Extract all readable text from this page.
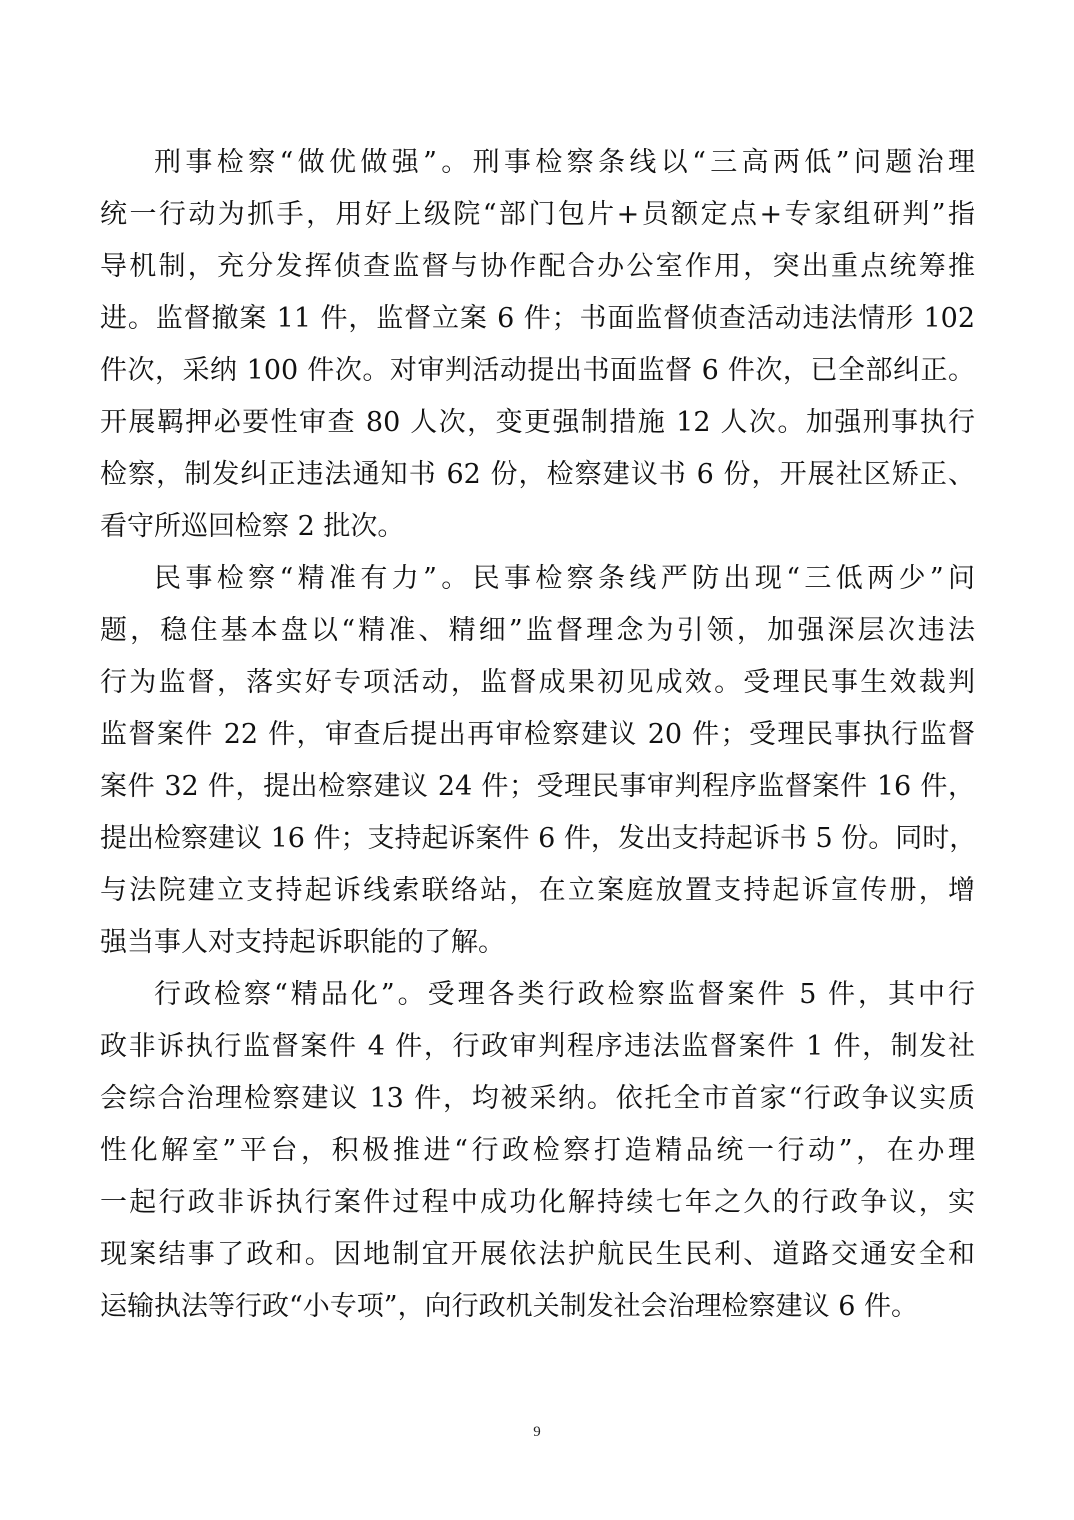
刑事检察“做优做强”。刑事检察条线以“三高两低”问题治理
统一行动为抓手，用好上级院“部门包片+员额定点+专家组研判”指
导机制，充分发挥侦查监督与协作配合办公室作用，突出重点统筹推
进。监督撤案 11 件，监督立案 6 件；书面监督侦查活动违法情形 102
件次，采纳 100 件次。对审判活动提出书面监督 6 件次，已全部纠正。
开展羁押必要性审查 80 人次，变更强制措施 12 人次。加强刑事执行
检察，制发纠正违法通知书 62 份，检察建议书 6 份，开展社区矫正、
看守所巡回检察 2 批次。
民事检察“精准有力”。民事检察条线严防出现“三低两少”问
题，稳住基本盘以“精准、精细”监督理念为引领，加强深层次违法
行为监督，落实好专项活动，监督成果初见成效。受理民事生效裁判
监督案件 22 件，审查后提出再审检察建议 20 件；受理民事执行监督
案件 32 件，提出检察建议 24 件；受理民事审判程序监督案件 16 件，
提出检察建议 16 件；支持起诉案件 6 件，发出支持起诉书 5 份。同时，
与法院建立支持起诉线索联络站，在立案庭放置支持起诉宣传册，增
强当事人对支持起诉职能的了解。
行政检察“精品化”。受理各类行政检察监督案件 5 件，其中行
政非诉执行监督案件 4 件，行政审判程序违法监督案件 1 件，制发社
会综合治理检察建议 13 件，均被采纳。依托全市首家“行政争议实质
性化解室”平台，积极推进“行政检察打造精品统一行动”，在办理
一起行政非诉执行案件过程中成功化解持续七年之久的行政争议，实
现案结事了政和。因地制宜开展依法护航民生民利、道路交通安全和
运输执法等行政“小专项”，向行政机关制发社会治理检察建议 6 件。
9
